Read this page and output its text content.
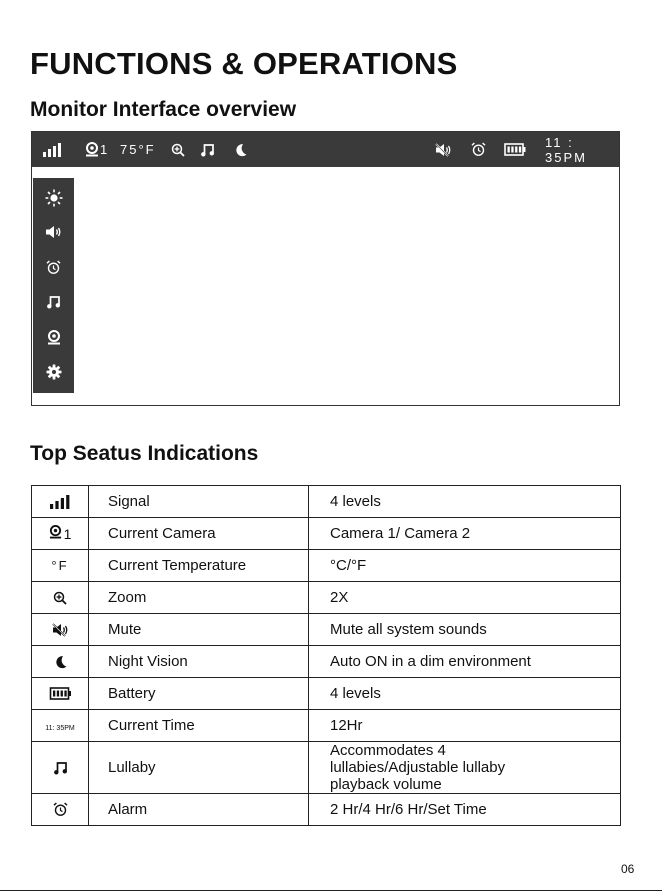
FUNCTIONS & OPERATIONS
Monitor Interface overview
1 75°F	11 : 35PM
Top Seatus Indications
	Signal	4 levels

1	Current Camera	Camera 1/ Camera 2
°F	Current Temperature	°C/°F

	Zoom	2X

	Mute	Mute all system sounds

	Night Vision	Auto ON in a dim environment

	Battery	4 levels
11: 35PM	Current Time	12Hr

	Lullaby	Accommodates 4 lullabies/Adjustable lullaby playback volume

	Alarm	2 Hr/4 Hr/6 Hr/Set Time
06
